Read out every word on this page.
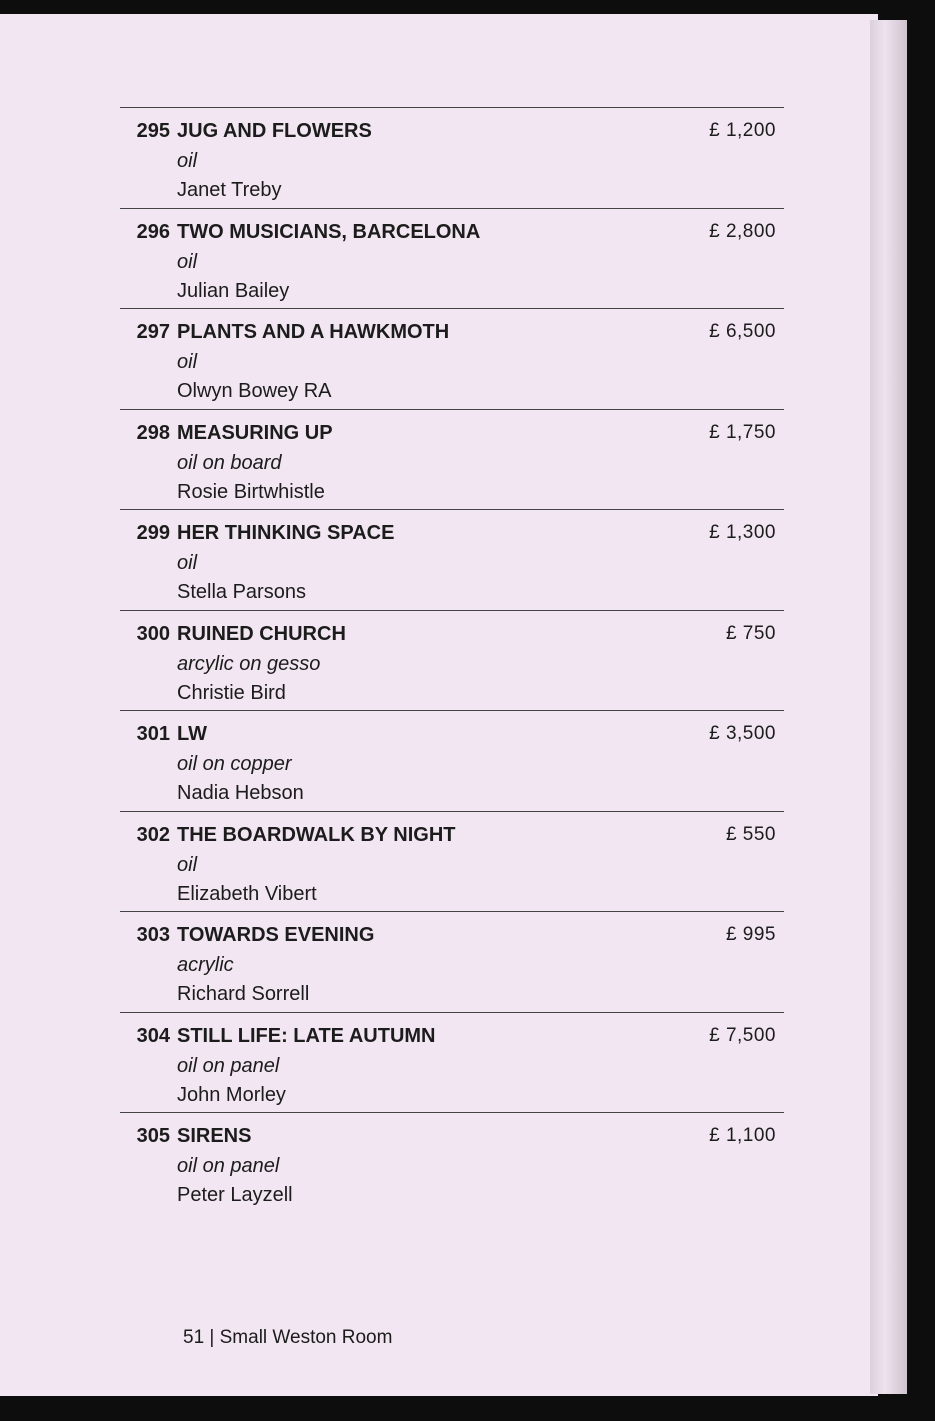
295 JUG AND FLOWERS
oil
Janet Treby
£ 1,200
296 TWO MUSICIANS, BARCELONA
oil
Julian Bailey
£ 2,800
297 PLANTS AND A HAWKMOTH
oil
Olwyn Bowey RA
£ 6,500
298 MEASURING UP
oil on board
Rosie Birtwhistle
£ 1,750
299 HER THINKING SPACE
oil
Stella Parsons
£ 1,300
300 RUINED CHURCH
arcylic on gesso
Christie Bird
£ 750
301 LW
oil on copper
Nadia Hebson
£ 3,500
302 THE BOARDWALK BY NIGHT
oil
Elizabeth Vibert
£ 550
303 TOWARDS EVENING
acrylic
Richard Sorrell
£ 995
304 STILL LIFE: LATE AUTUMN
oil on panel
John Morley
£ 7,500
305 SIRENS
oil on panel
Peter Layzell
£ 1,100
51 | Small Weston Room
